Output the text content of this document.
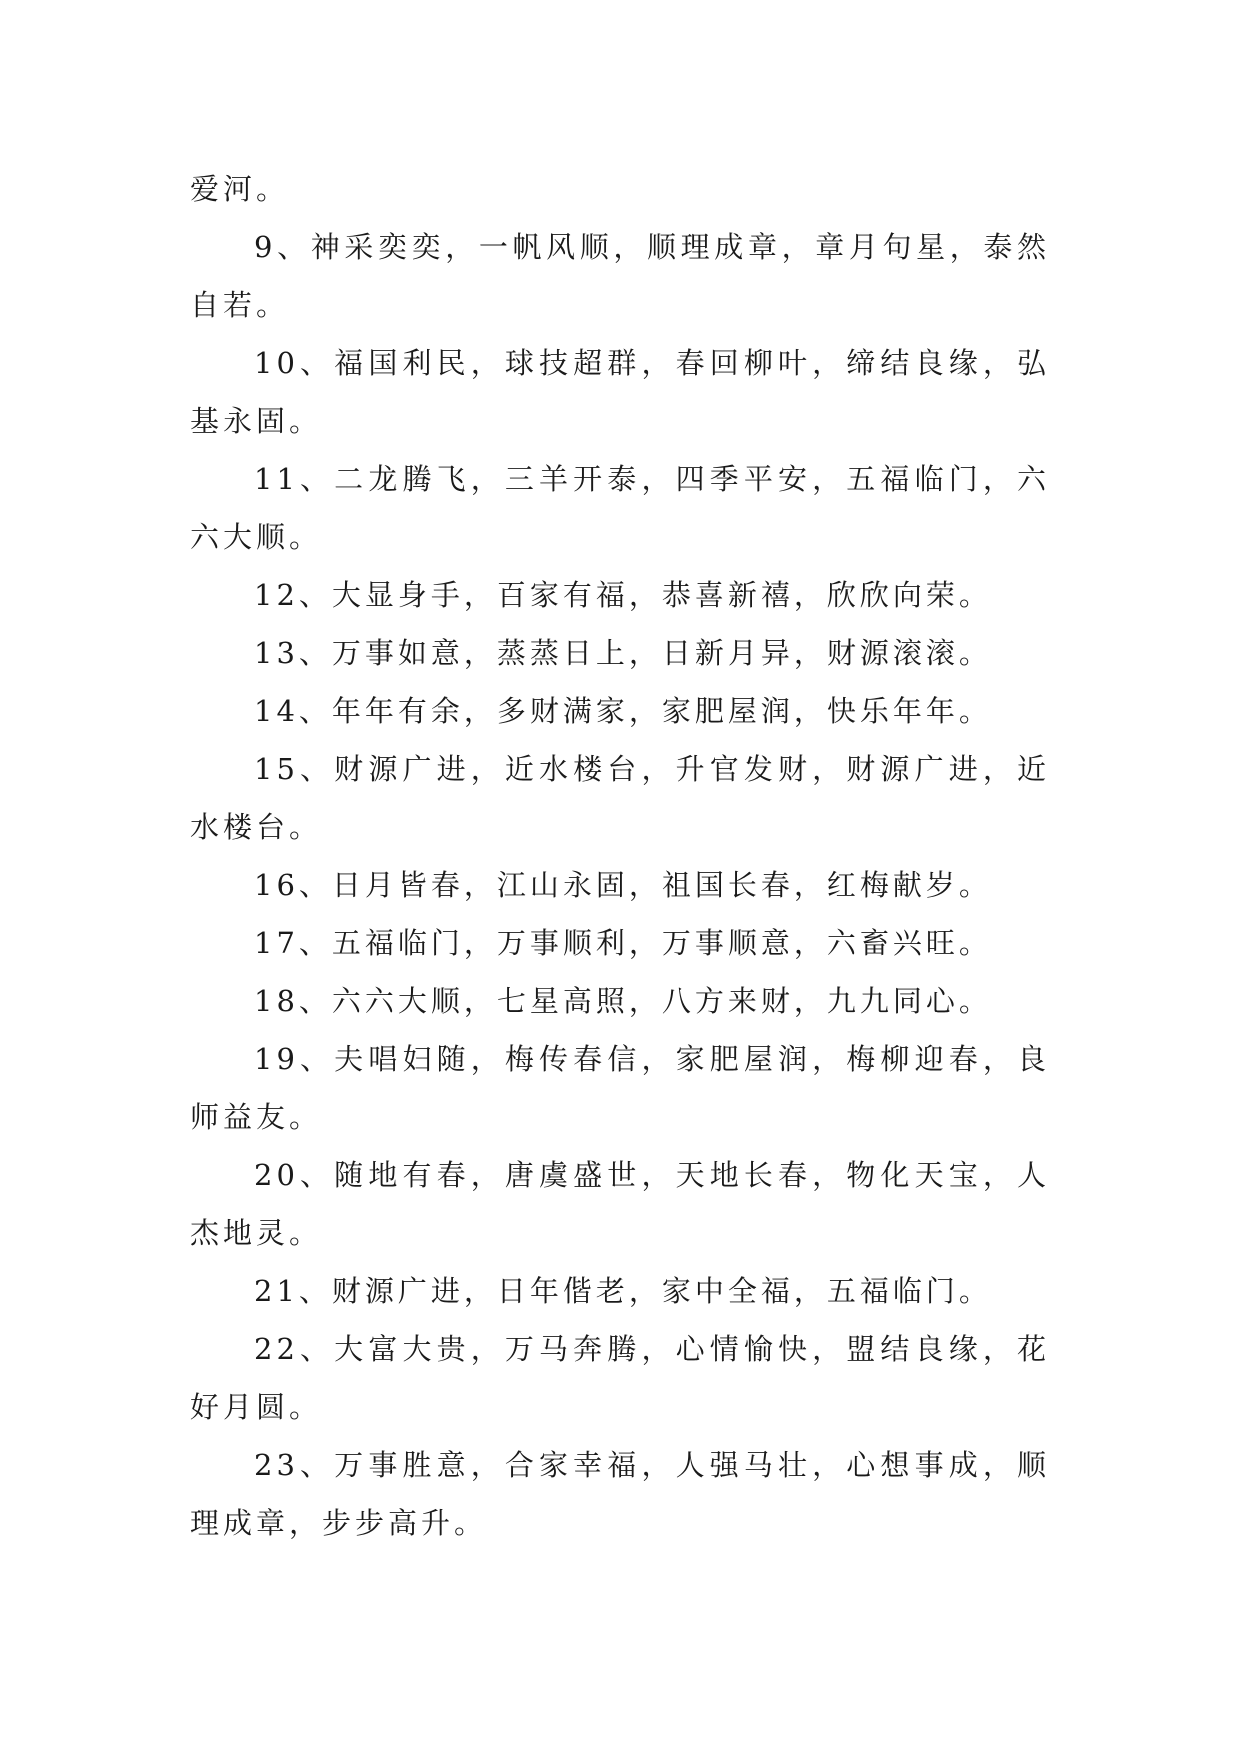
爱河。

9、神采奕奕，一帆风顺，顺理成章，章月句星，泰然自若。

10、福国利民，球技超群，春回柳叶，缔结良缘，弘基永固。

11、二龙腾飞，三羊开泰，四季平安，五福临门，六六大顺。

12、大显身手，百家有福，恭喜新禧，欣欣向荣。

13、万事如意，蒸蒸日上，日新月异，财源滚滚。

14、年年有余，多财满家，家肥屋润，快乐年年。

15、财源广进，近水楼台，升官发财，财源广进，近水楼台。

16、日月皆春，江山永固，祖国长春，红梅献岁。

17、五福临门，万事顺利，万事顺意，六畜兴旺。

18、六六大顺，七星高照，八方来财，九九同心。

19、夫唱妇随，梅传春信，家肥屋润，梅柳迎春，良师益友。

20、随地有春，唐虞盛世，天地长春，物化天宝，人杰地灵。

21、财源广进，日年偕老，家中全福，五福临门。

22、大富大贵，万马奔腾，心情愉快，盟结良缘，花好月圆。

23、万事胜意，合家幸福，人强马壮，心想事成，顺理成章，步步高升。
